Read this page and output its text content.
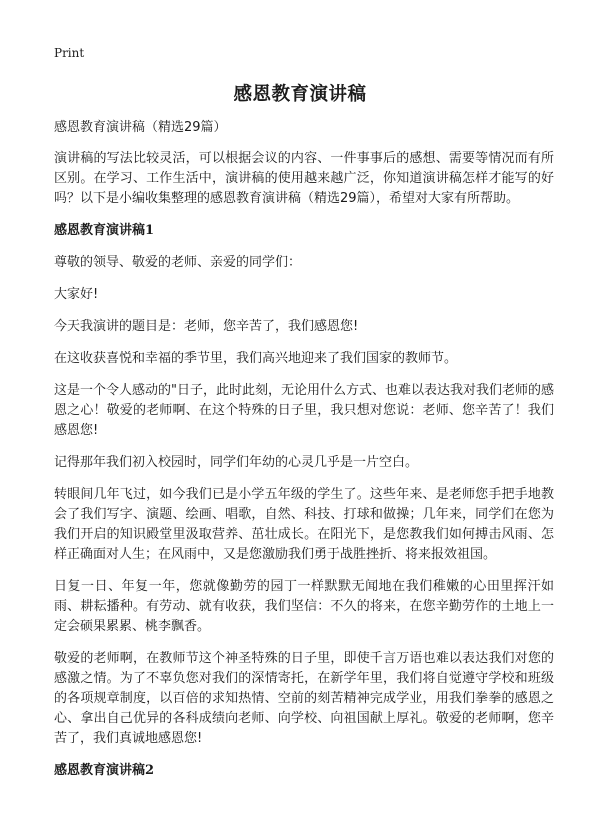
Print
感恩教育演讲稿

感恩教育演讲稿（精选29篇）

演讲稿的写法比较灵活，可以根据会议的内容、一件事事后的感想、需要等情况而有所区别。在学习、工作生活中，演讲稿的使用越来越广泛，你知道演讲稿怎样才能写的好吗？以下是小编收集整理的感恩教育演讲稿（精选29篇），希望对大家有所帮助。

感恩教育演讲稿1

尊敬的领导、敬爱的老师、亲爱的同学们：

大家好!

今天我演讲的题目是：老师，您辛苦了，我们感恩您!

在这收获喜悦和幸福的季节里，我们高兴地迎来了我们国家的教师节。

这是一个令人感动的"日子，此时此刻，无论用什么方式、也难以表达我对我们老师的感恩之心！敬爱的老师啊、在这个特殊的日子里，我只想对您说：老师、您辛苦了！我们感恩您!

记得那年我们初入校园时，同学们年幼的心灵几乎是一片空白。

转眼间几年飞过，如今我们已是小学五年级的学生了。这些年来、是老师您手把手地教会了我们写字、演题、绘画、唱歌，自然、科技、打球和做操；几年来，同学们在您为我们开启的知识殿堂里汲取营养、茁壮成长。在阳光下，是您教我们如何搏击风雨、怎样正确面对人生；在风雨中，又是您激励我们勇于战胜挫折、将来报效祖国。

日复一日、年复一年，您就像勤劳的园丁一样默默无闻地在我们稚嫩的心田里挥汗如雨、耕耘播种。有劳动、就有收获，我们坚信：不久的将来，在您辛勤劳作的土地上一定会硕果累累、桃李飘香。

敬爱的老师啊，在教师节这个神圣特殊的日子里，即使千言万语也难以表达我们对您的感激之情。为了不辜负您对我们的深情寄托，在新学年里，我们将自觉遵守学校和班级的各项规章制度，以百倍的求知热情、空前的刻苦精神完成学业，用我们拳拳的感恩之心、拿出自己优异的各科成绩向老师、向学校、向祖国献上厚礼。敬爱的老师啊，您辛苦了，我们真诚地感恩您!

感恩教育演讲稿2
